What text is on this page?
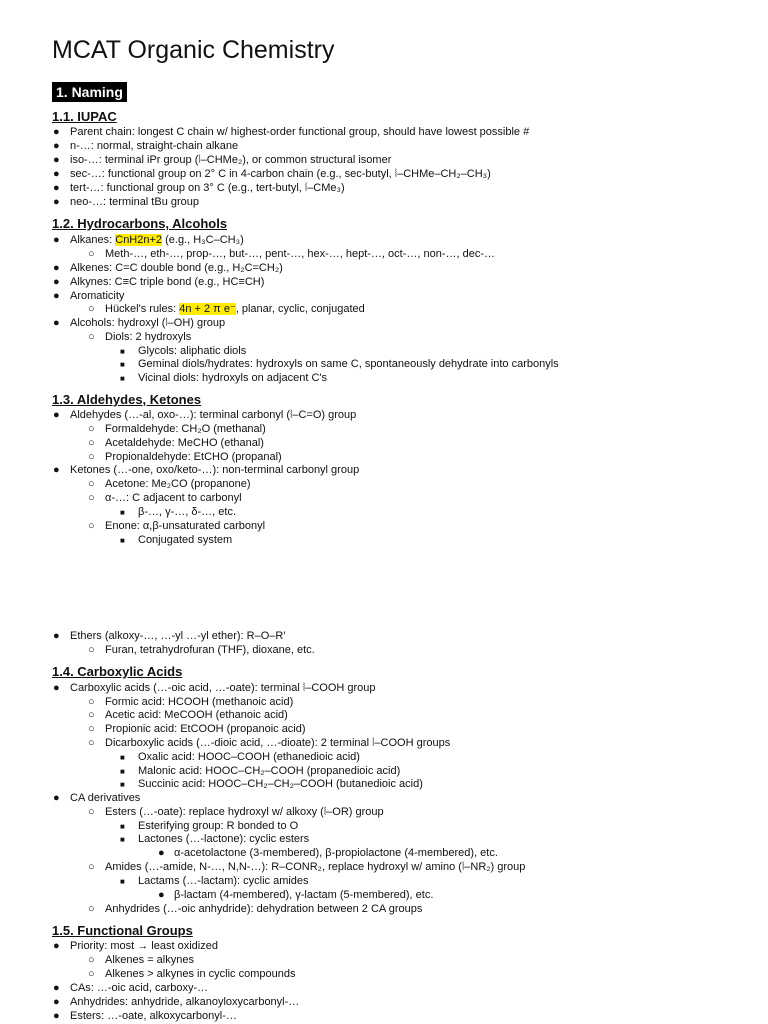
MCAT Organic Chemistry
1. Naming
1.1. IUPAC
● Parent chain: longest C chain w/ highest-order functional group, should have lowest possible #
● n-…: normal, straight-chain alkane
● iso-…: terminal iPr group (⦚–CHMe₂), or common structural isomer
● sec-…: functional group on 2° C in 4-carbon chain (e.g., sec-butyl, ⦚–CHMe–CH₂–CH₃)
● tert-…: functional group on 3° C (e.g., tert-butyl, ⦚–CMe₃)
● neo-…: terminal tBu group
1.2. Hydrocarbons, Alcohols
● Alkanes: CnH2n+2 (e.g., H₃C–CH₃)
○ Meth-…, eth-…, prop-…, but-…, pent-…, hex-…, hept-…, oct-…, non-…, dec-…
● Alkenes: C=C double bond (e.g., H₂C=CH₂)
● Alkynes: C≡C triple bond (e.g., HC≡CH)
● Aromaticity
○ Hückel's rules: 4n + 2 π e⁻, planar, cyclic, conjugated
● Alcohols: hydroxyl (⦚–OH) group
○ Diols: 2 hydroxyls
■ Glycols: aliphatic diols
■ Geminal diols/hydrates: hydroxyls on same C, spontaneously dehydrate into carbonyls
■ Vicinal diols: hydroxyls on adjacent C's
1.3. Aldehydes, Ketones
● Aldehydes (…-al, oxo-…): terminal carbonyl (⦚–C=O) group
○ Formaldehyde: CH₂O (methanal)
○ Acetaldehyde: MeCHO (ethanal)
○ Propionaldehyde: EtCHO (propanal)
● Ketones (…-one, oxo/keto-…): non-terminal carbonyl group
○ Acetone: Me₂CO (propanone)
○ α-…: C adjacent to carbonyl
■ β-…, γ-…, δ-…, etc.
○ Enone: α,β-unsaturated carbonyl
■ Conjugated system
● Ethers (alkoxy-…, …-yl …-yl ether): R–O–R′
○ Furan, tetrahydrofuran (THF), dioxane, etc.
1.4. Carboxylic Acids
● Carboxylic acids (…-oic acid, …-oate): terminal ⦚–COOH group
○ Formic acid: HCOOH (methanoic acid)
○ Acetic acid: MeCOOH (ethanoic acid)
○ Propionic acid: EtCOOH (propanoic acid)
○ Dicarboxylic acids (…-dioic acid, …-dioate): 2 terminal ⦚–COOH groups
■ Oxalic acid: HOOC–COOH (ethanedioic acid)
■ Malonic acid: HOOC–CH₂–COOH (propanedioic acid)
■ Succinic acid: HOOC–CH₂–CH₂–COOH (butanedioic acid)
● CA derivatives
○ Esters (…-oate): replace hydroxyl w/ alkoxy (⦚–OR) group
■ Esterifying group: R bonded to O
■ Lactones (…-lactone): cyclic esters
● α-acetolactone (3-membered), β-propiolactone (4-membered), etc.
○ Amides (…-amide, N-…, N,N-…): R–CONR₂, replace hydroxyl w/ amino (⦚–NR₂) group
■ Lactams (…-lactam): cyclic amides
● β-lactam (4-membered), γ-lactam (5-membered), etc.
○ Anhydrides (…-oic anhydride): dehydration between 2 CA groups
1.5. Functional Groups
● Priority: most → least oxidized
○ Alkenes = alkynes
○ Alkenes > alkynes in cyclic compounds
● CAs: …-oic acid, carboxy-…
● Anhydrides: anhydride, alkanoyloxycarbonyl-…
● Esters: …-oate, alkoxycarbonyl-…
